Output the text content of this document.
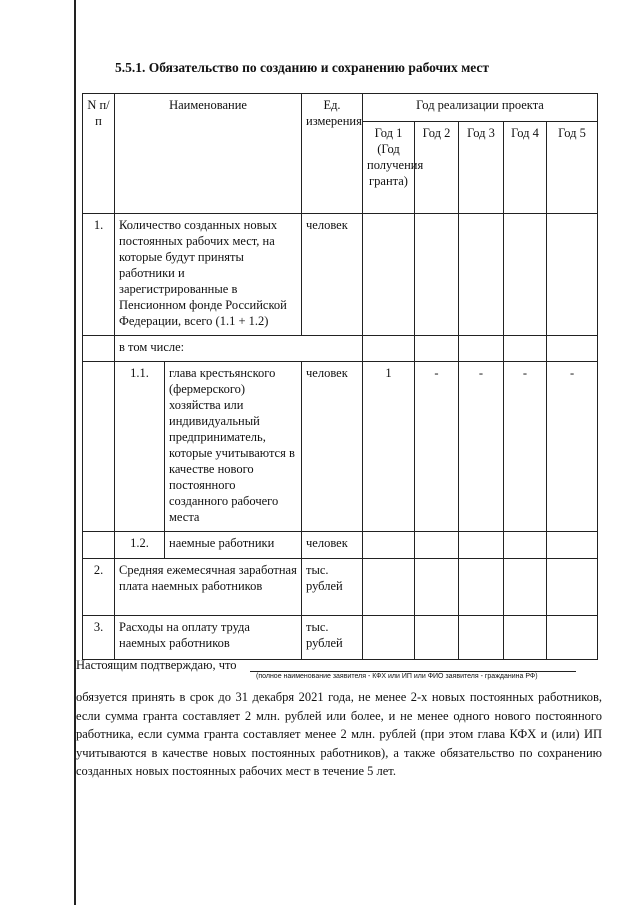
5.5.1. Обязательство по созданию и сохранению рабочих мест
N п/п	Наименование		Ед. измерения	Год реализации проекта				
				Год 1 (Год получения гранта)	Год 2	Год 3	Год 4	Год 5
1.	Количество созданных новых постоянных рабочих мест, на которые будут приняты работники и зарегистрированные в Пенсионном фонде Российской Федерации, всего (1.1 + 1.2)		человек					
	в том числе:							
	1.1.	глава крестьянского (фермерского) хозяйства или индивидуальный предприниматель, которые учитываются в качестве нового постоянного созданного рабочего места	человек	1	-	-	-	-
	1.2.	наемные работники	человек					
2.	Средняя ежемесячная заработная плата наемных работников		тыс. рублей					
3.	Расходы на оплату труда наемных работников		тыс. рублей					
Настоящим подтверждаю, что
(полное наименование заявителя - КФХ или ИП или ФИО заявителя - гражданина РФ)
обязуется принять в срок до 31 декабря 2021 года, не менее 2-х новых постоянных работников, если сумма гранта составляет 2 млн. рублей или более, и не менее одного нового постоянного работника, если сумма гранта составляет менее 2 млн. рублей (при этом глава КФХ и (или) ИП учитываются в качестве новых постоянных работников), а также обязательство по сохранению созданных новых постоянных рабочих мест в течение 5 лет.
